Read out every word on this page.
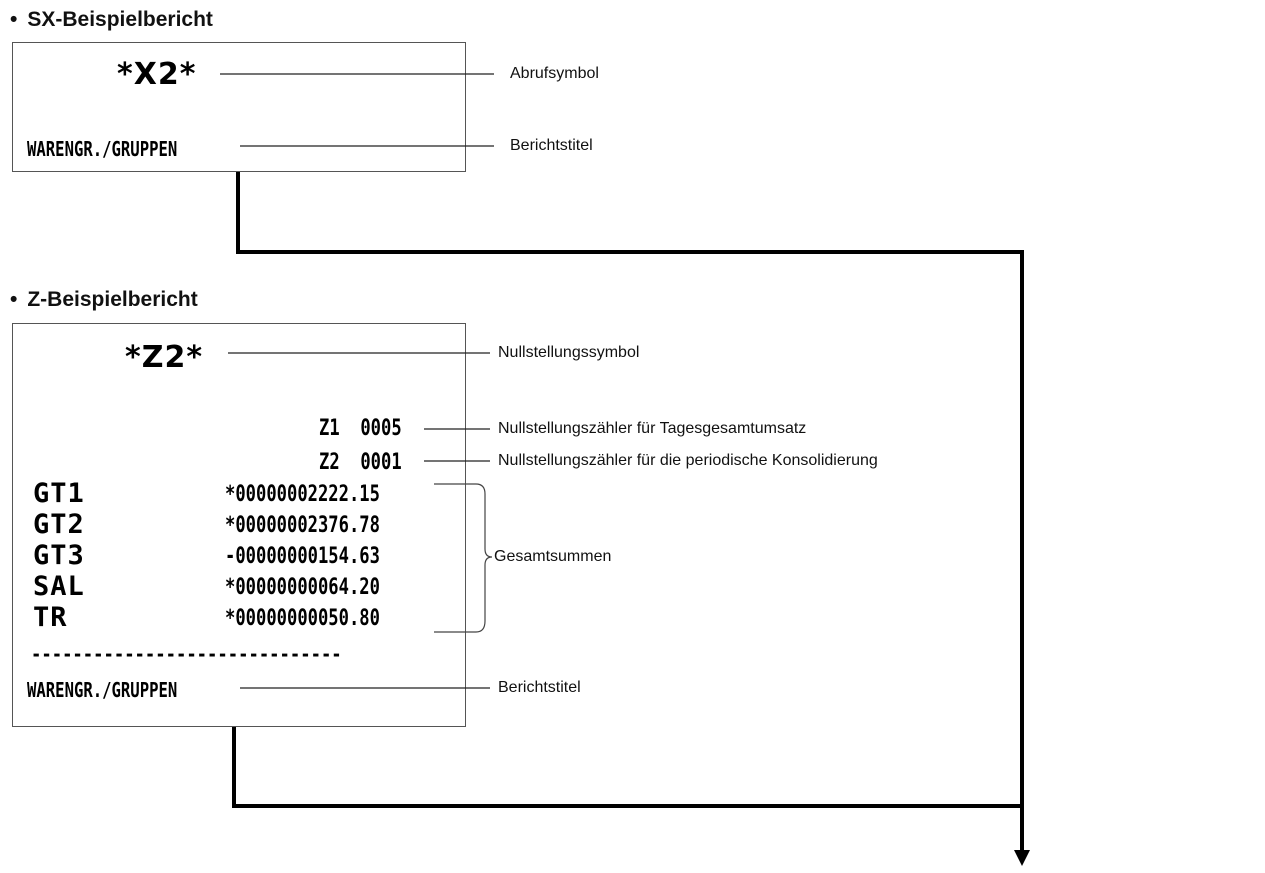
• SX-Beispielbericht
*X2*
WARENGR./GRUPPEN
• Z-Beispielbericht
*Z2*
Z1 0005
Z2 0001
GT1	*00000002222.15
GT2	*00000002376.78
GT3	-00000000154.63
SAL	*00000000064.20
TR	*00000000050.80
------------------------------
WARENGR./GRUPPEN
Abrufsymbol
Berichtstitel
Nullstellungssymbol
Nullstellungszähler für Tagesgesamtumsatz
Nullstellungszähler für die periodische Konsolidierung
Gesamtsummen
Berichtstitel
